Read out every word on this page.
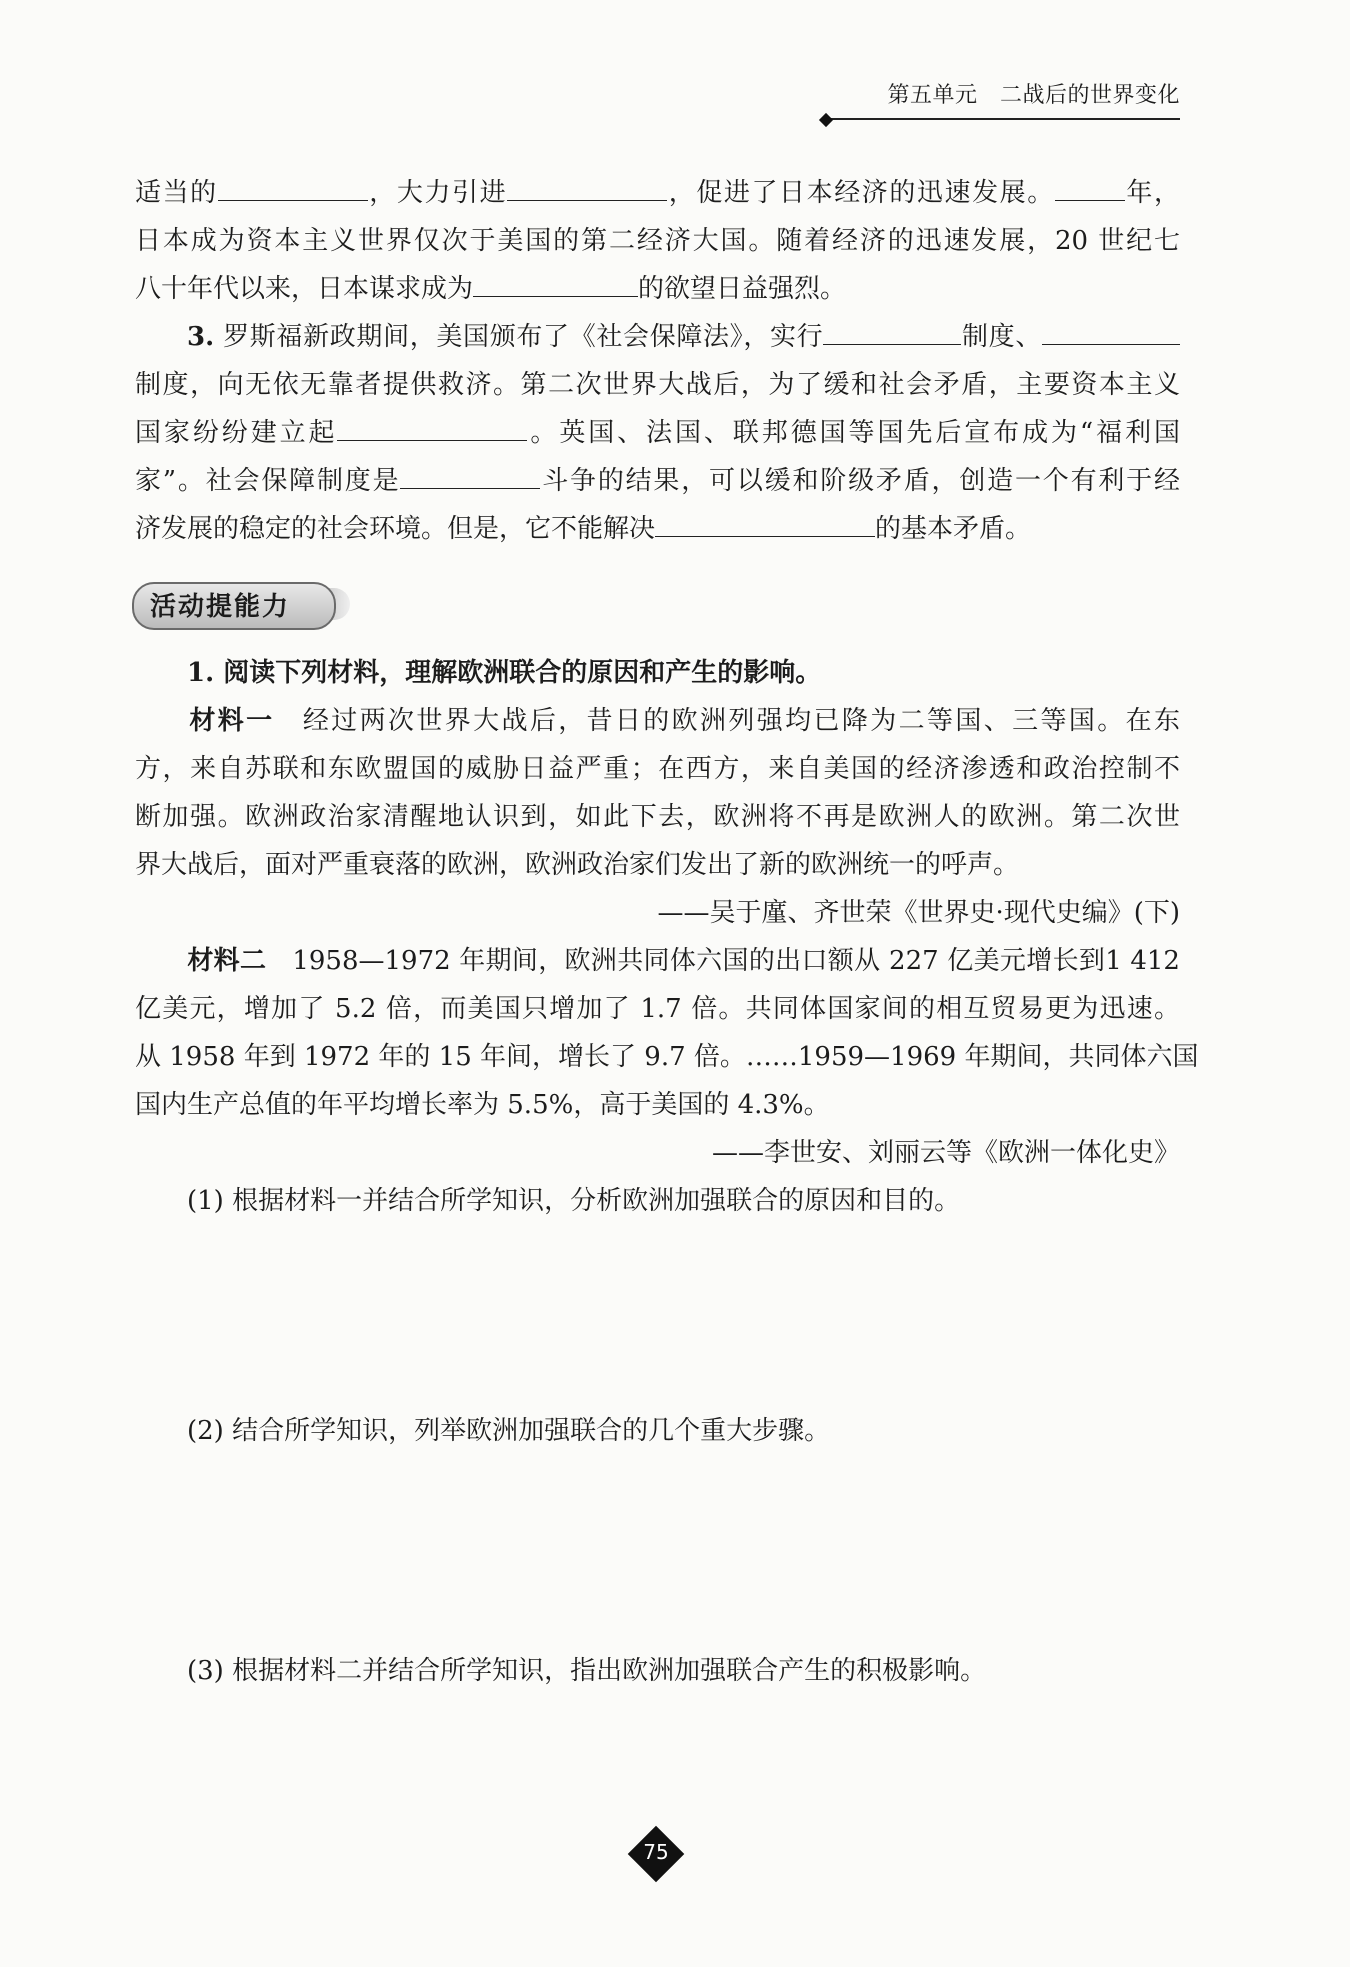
第五单元　二战后的世界变化
适当的	，大力引进	，促进了日本经济的迅速发展。	年，
日本成为资本主义世界仅次于美国的第二经济大国。随着经济的迅速发展，20 世纪七
八十年代以来，日本谋求成为	的欲望日益强烈。
3. 罗斯福新政期间，美国颁布了《社会保障法》，实行	制度、
制度，向无依无靠者提供救济。第二次世界大战后，为了缓和社会矛盾，主要资本主义
国家纷纷建立起	。英国、法国、联邦德国等国先后宣布成为“福利国
家”。社会保障制度是	斗争的结果，可以缓和阶级矛盾，创造一个有利于经
济发展的稳定的社会环境。但是，它不能解决	的基本矛盾。
1. 阅读下列材料，理解欧洲联合的原因和产生的影响。
材料一 经过两次世界大战后，昔日的欧洲列强均已降为二等国、三等国。在东
方，来自苏联和东欧盟国的威胁日益严重；在西方，来自美国的经济渗透和政治控制不
断加强。欧洲政治家清醒地认识到，如此下去，欧洲将不再是欧洲人的欧洲。第二次世
界大战后，面对严重衰落的欧洲，欧洲政治家们发出了新的欧洲统一的呼声。
——吴于廑、齐世荣《世界史·现代史编》(下)
材料二 1958—1972 年期间，欧洲共同体六国的出口额从 227 亿美元增长到1 412
亿美元，增加了 5.2 倍，而美国只增加了 1.7 倍。共同体国家间的相互贸易更为迅速。
从 1958 年到 1972 年的 15 年间，增长了 9.7 倍。……1959—1969 年期间，共同体六国
国内生产总值的年平均增长率为 5.5%，高于美国的 4.3%。
——李世安、刘丽云等《欧洲一体化史》
(1) 根据材料一并结合所学知识，分析欧洲加强联合的原因和目的。
(2) 结合所学知识，列举欧洲加强联合的几个重大步骤。
(3) 根据材料二并结合所学知识，指出欧洲加强联合产生的积极影响。
活动提能力
75
